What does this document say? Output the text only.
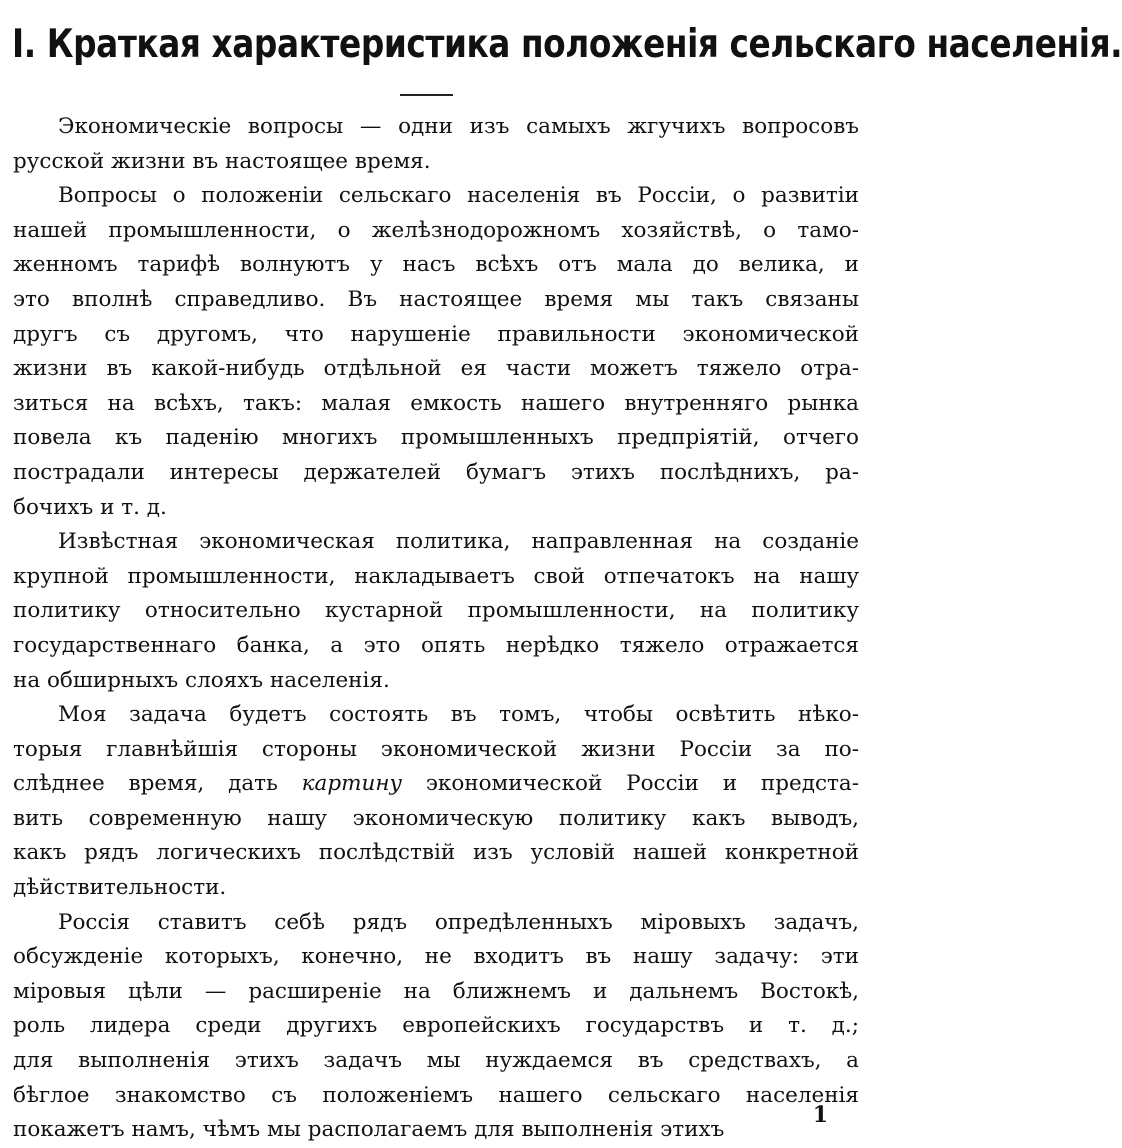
I. Краткая характеристика положенія сельскаго населенія.
Экономическіе вопросы — одни изъ самыхъ жгучихъ вопросовъ
русской жизни въ настоящее время.
Вопросы о положеніи сельскаго населенія въ Россіи, о развитіи
нашей промышленности, о желѣзнодорожномъ хозяйствѣ, о тамо-
женномъ тарифѣ волнуютъ у насъ всѣхъ отъ мала до велика, и
это вполнѣ справедливо. Въ настоящее время мы такъ связаны
другъ съ другомъ, что нарушеніе правильности экономической
жизни въ какой-нибудь отдѣльной ея части можетъ тяжело отра-
зиться на всѣхъ, такъ: малая емкость нашего внутренняго рынка
повела къ паденію многихъ промышленныхъ предпріятій, отчего
пострадали интересы держателей бумагъ этихъ послѣднихъ, ра-
бочихъ и т. д.
Извѣстная экономическая политика, направленная на созданіе
крупной промышленности, накладываетъ свой отпечатокъ на нашу
политику относительно кустарной промышленности, на политику
государственнаго банка, а это опять нерѣдко тяжело отражается
на обширныхъ слояхъ населенія.
Моя задача будетъ состоять въ томъ, чтобы освѣтить нѣко-
торыя главнѣйшія стороны экономической жизни Россіи за по-
слѣднее время, дать картину экономической Россіи и предста-
вить современную нашу экономическую политику какъ выводъ,
какъ рядъ логическихъ послѣдствій изъ условій нашей конкретной
дѣйствительности.
Россія ставитъ себѣ рядъ опредѣленныхъ міровыхъ задачъ,
обсужденіе которыхъ, конечно, не входитъ въ нашу задачу: эти
міровыя цѣли — расширеніе на ближнемъ и дальнемъ Востокѣ,
роль лидера среди другихъ европейскихъ государствъ и т. д.;
для выполненія этихъ задачъ мы нуждаемся въ средствахъ, а
бѣглое знакомство съ положеніемъ нашего сельскаго населенія
покажетъ намъ, чѣмъ мы располагаемъ для выполненія этихъ
1
